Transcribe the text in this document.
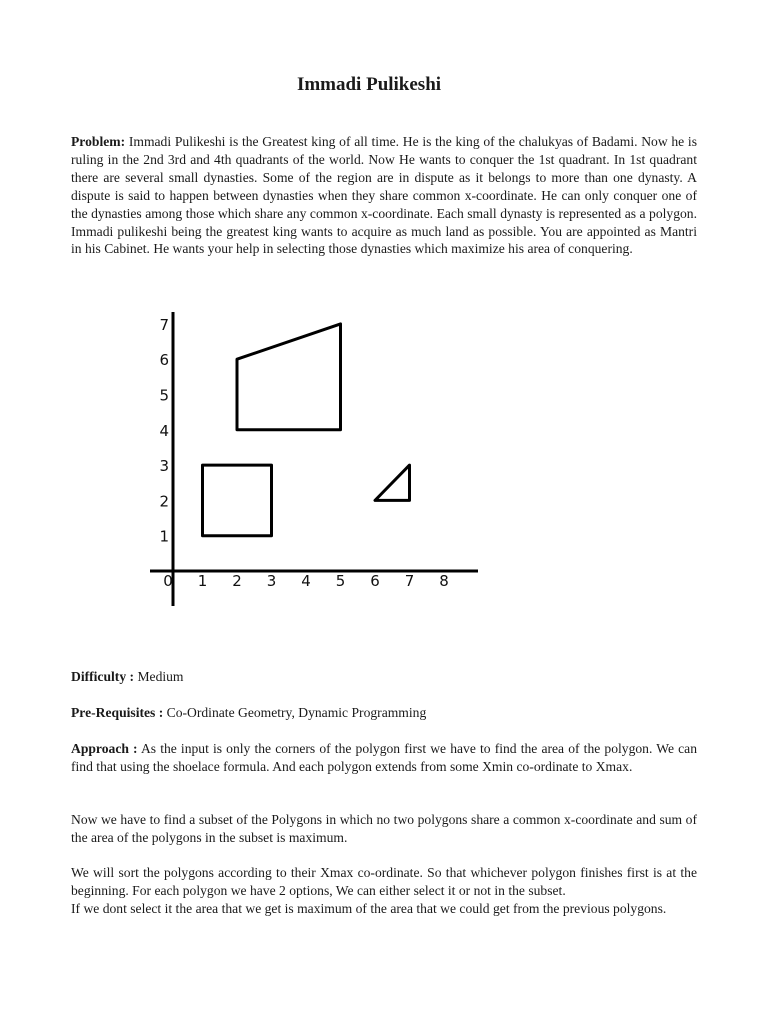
Immadi Pulikeshi

Problem: Immadi Pulikeshi is the Greatest king of all time. He is the king of the chalukyas of Badami. Now he is ruling in the 2nd 3rd and 4th quadrants of the world. Now He wants to conquer the 1st quadrant. In 1st quadrant there are several small dynasties. Some of the region are in dispute as it belongs to more than one dynasty. A dispute is said to happen between dynasties when they share common x-coordinate. He can only conquer one of the dynasties among those which share any common x-coordinate. Each small dynasty is represented as a polygon. Immadi pulikeshi being the greatest king wants to acquire as much land as possible. You are appointed as Mantri in his Cabinet. He wants your help in selecting those dynasties which maximize his area of conquering.

0 1 2 3 4 5 6 7 8
1
2
3
4
5
6
7

Difficulty : Medium

Pre-Requisites : Co-Ordinate Geometry, Dynamic Programming

Approach : As the input is only the corners of the polygon first we have to find the area of the polygon. We can find that using the shoelace formula. And each polygon extends from some Xmin co-ordinate to Xmax.

Now we have to find a subset of the Polygons in which no two polygons share a common x-coordinate and sum of the area of the polygons in the subset is maximum.

We will sort the polygons according to their Xmax co-ordinate. So that whichever polygon finishes first is at the beginning. For each polygon we have 2 options, We can either select it or not in the subset.
If we dont select it the area that we get is maximum of the area that we could get from the previous polygons.
